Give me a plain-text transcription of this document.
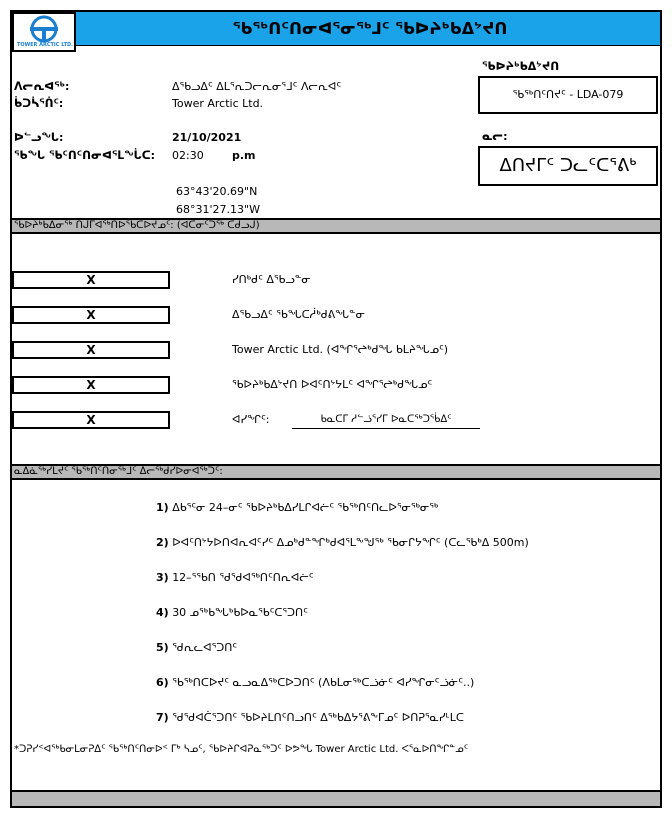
TOWER ARCTIC LTD.
ᖃᖅᑎᑦᑎᓂᐊᕐᓂᖅᒧᑦ ᖃᐅᔨᒃᑲᐃᔾᔪᑎ
ᐱᓕᕆᐊᖅ:	ᐃᖃᓗᐃᑦ ᐃᒪᕐᕆᑐᓕᕆᓂᕐᒧᑦ ᐱᓕᕆᐊᑦ
ᑳᑐᓵᕐᑏᑦ:	Tower Arctic Ltd.
ᐅᓪᓗᖓ:	21/10/2021
ᖃᖓ ᖃᑦᑎᑦᑎᓂᐊᕐᒪᖔᑕ: 02:30	p.m
63°43'20.69"N
68°31'27.13"W
ᖃᐅᔨᒃᑲᐃᔾᔪᑎ
ᖃᖅᑎᑦᑎᔪᑦ - LDA-079
ᓇᓕ:
ᐃᑎᔪᒥᑦ ᑐᓚᑦᑕᕐᕕᒃ
ᖃᐅᔨᒃᑲᐃᓂᖅ ᑎᒍᒥᐊᖅᑎᐅᖃᑕᐅᔪᓄᑦ: (ᐊᑕᓂᑦᑐᖅ ᑕᑯᓗᒍ)
X	ᓯᑎᒃᑯᑦ ᐃᖃᓗᓐᓂ
X	ᐃᖃᓗᐃᑦ ᖃᖓᑕᓲᒃᑯᕕᖓᓐᓂ
X	Tower Arctic Ltd. (ᐊᖏᕐᖠᒃᑯᖓ ᑲᒪᔨᖓᓄᑦ)
X	ᖃᐅᔨᒃᑲᐃᔾᔪᑎ ᐅᐊᑦᑎᔾᔭᒪᑦ ᐊᖏᕐᖠᒃᑯᖓᓄᑦ
X	ᐊᓯᖏᑦ:	ᑲᓇᑕᒥ ᓱᓪᓘᕐᓯᒥ ᐅᓇᑕᖅᑐᖄᐃᑦ
ᓇᐃᓈᖅᓯᒪᔪᑦ ᖃᖅᑎᑦᑎᓂᖅᒧᑦ ᐃᓕᖅᑯᓯᐅᓂᐊᖅᑐᑦ:
1) ᐃᑲᕐᑦᓂ 24–ᓂᑦ ᖃᐅᔨᒃᑲᐃᓯᒪᒋᐊᓖᑦ ᖃᖅᑎᑦᑎᓚᐅᕐᓂᖅᓂᖅ
2) ᐅᐊᑦᑎᔾᔭᐅᑎᐊᕆᐊᑦᓯᑦ ᐃᓄᒃᑯᓐᖏᒃᑯᐊᕐᒪᖕᖑᖅ ᖃᓂᒋᔭᖏᑦ (ᑕᓚᖃᒃᐃ 500m)
3) 12–ᕐᖃᑎ ᕐᑯᕐᑯᐊᖅᑎᑦᑎᕆᐊᓖᑦ
4) 30 ᓄᖅᑲᖓᒃᑲᐅᓇᖃᑦᑕᕐᑐᑎᑦ
5) ᕐᑯᕆᓚᐊᕐᑐᑎᑦ
6) ᖃᖅᑎᑕᐅᔪᑦ ᓇᓗᓇᐃᖅᑕᐅᑐᑎᑦ (ᐱᑲᒪᓂᖅᑕᓘᓃᑦ ᐊᓯᖏᓂᑦᓘᓃᑦ..)
7) ᕐᑯᕐᑯᐊᑖᕐᑐᑎᑦ ᖃᐅᔨᒪᑎᑦᑎᓗᑎᑦ ᐃᖅᑲᐃᔭᕐᕕᖕᒥᓄᑦ ᐅᑎᕈᕐᓇᓯᒻᒪᑕ
*ᑐᕈᓯᑉᐊᖅᑲᓂᒪᓂᕈᐃᑦ ᖃᖅᑎᑦᑎᓂᐅᑉ ᒥᒃ ᓴᓄᑦ, ᖃᐅᔨᒋᐊᕈᓇᖅᑐᑦ ᐅᕗᖓ Tower Arctic Ltd. ᐸᕐᓇᐅᑎᖏᓐᓄᑦ
